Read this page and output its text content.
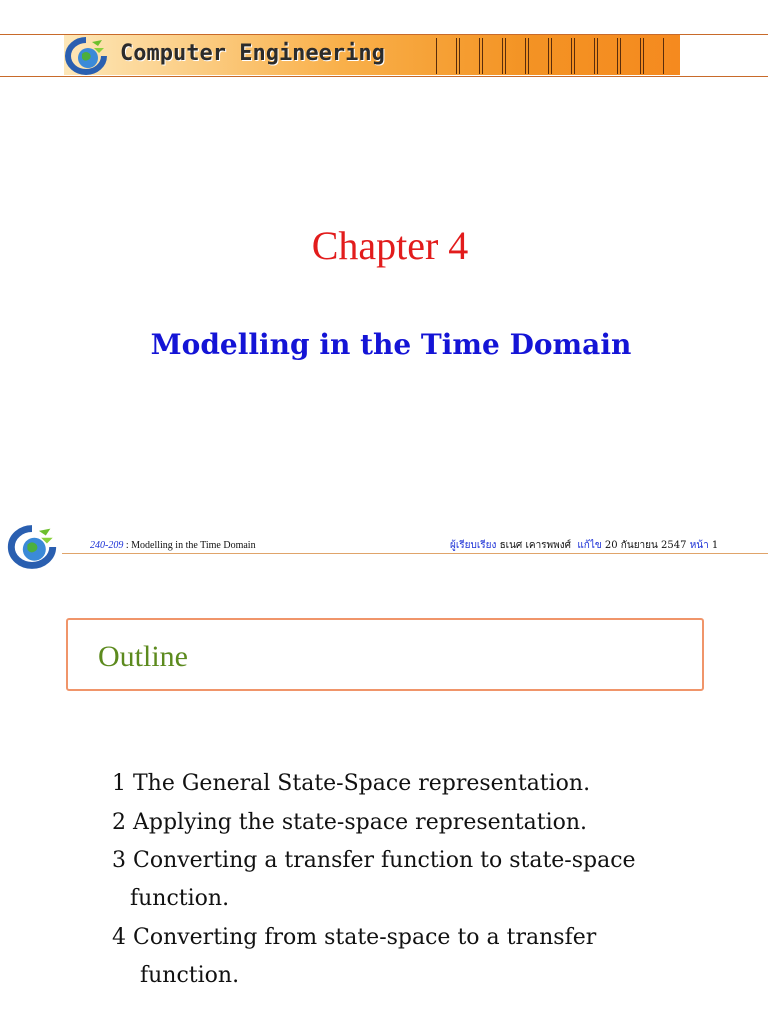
Computer Engineering
Chapter 4
Modelling in the Time Domain
240-209 : Modelling in the Time Domain	ผู้เรียบเรียง ธเนศ เคารพพงศ์ แก้ไข 20 กันยายน 2547 หน้า 1
Outline
1 The General State-Space representation.
2 Applying the state-space representation.
3 Converting a transfer function to state-space
function.
4 Converting from state-space to a transfer
function.
